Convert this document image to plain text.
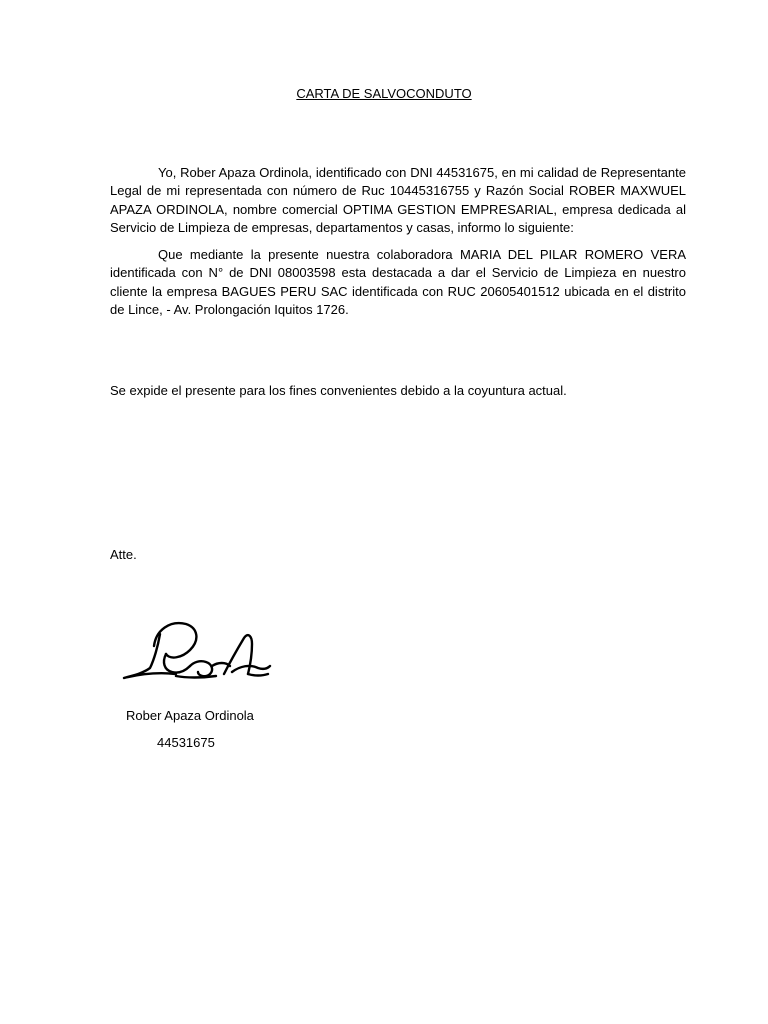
CARTA DE SALVOCONDUTO

Yo, Rober Apaza Ordinola, identificado con DNI 44531675, en mi calidad de Representante Legal de mi representada con número de Ruc 10445316755 y Razón Social ROBER MAXWUEL APAZA ORDINOLA, nombre comercial OPTIMA GESTION EMPRESARIAL, empresa dedicada al Servicio de Limpieza de empresas, departamentos y casas, informo lo siguiente:

Que mediante la presente nuestra colaboradora MARIA DEL PILAR ROMERO VERA identificada con N° de DNI 08003598 esta destacada a dar el Servicio de Limpieza en nuestro cliente la empresa BAGUES PERU SAC identificada con RUC 20605401512 ubicada en el distrito de Lince, - Av. Prolongación Iquitos 1726.

Se expide el presente para los fines convenientes debido a la coyuntura actual.

Atte.
Rober Apaza Ordinola
44531675
